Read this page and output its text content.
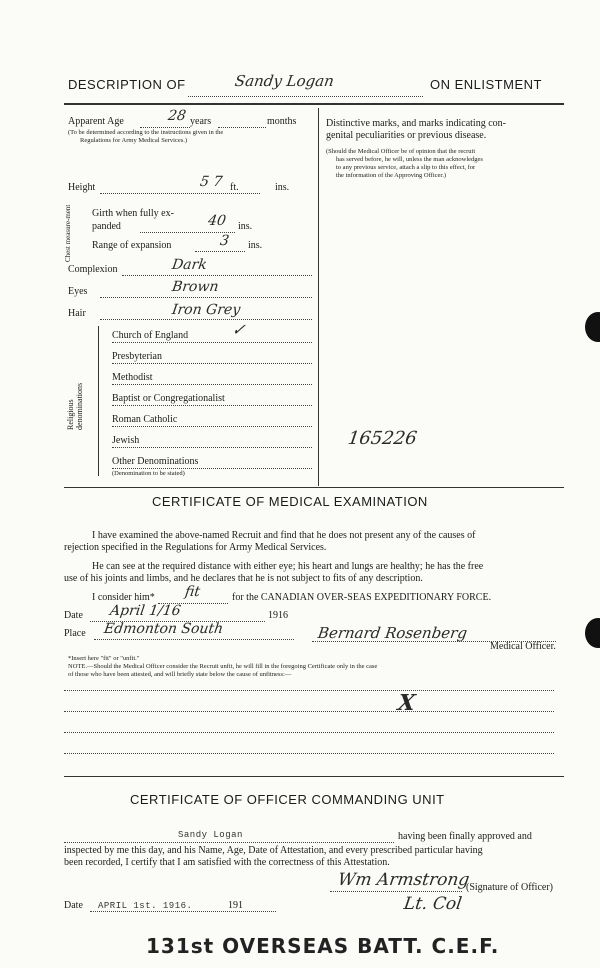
DESCRIPTION OF	Sandy Logan	ON ENLISTMENT
Apparent Age	28 years	months
(To be determined according to the instructions given in the
Regulations for Army Medical Services.)
Height	5 7 ft.	ins.
Chest measure-ment Girth when fully ex-
panded	40 ins.
Range of expansion	3 ins.
Complexion	Dark
Eyes	Brown
Hair	Iron Grey
Religious denominations
Church of England
Presbyterian
Methodist
Baptist or Congregationalist
Roman Catholic
Jewish
Other Denominations
(Denomination to be stated)
✓
Distinctive marks, and marks indicating con-
genital peculiarities or previous disease.
(Should the Medical Officer be of opinion that the recruit
has served before, he will, unless the man acknowledges
to any previous service, attach a slip to this effect, for
the information of the Approving Officer.)
165226
CERTIFICATE OF MEDICAL EXAMINATION
I have examined the above-named Recruit and find that he does not present any of the causes of
rejection specified in the Regulations for Army Medical Services.
He can see at the required distance with either eye; his heart and lungs are healthy; he has the free
use of his joints and limbs, and he declares that he is not subject to fits of any description.
I consider him* fit	for the CANADIAN OVER-SEAS EXPEDITIONARY FORCE.
Date April 1/16	1916
Place Edmonton South	Bernard Rosenberg
Medical Officer.
*Insert here "fit" or "unfit."
NOTE.—Should the Medical Officer consider the Recruit unfit, he will fill in the foregoing Certificate only in the case
of those who have been attested, and will briefly state below the cause of unfitness:—
X
CERTIFICATE OF OFFICER COMMANDING UNIT
Sandy Logan	having been finally approved and
inspected by me this day, and his Name, Age, Date of Attestation, and every prescribed particular having
been recorded, I certify that I am satisfied with the correctness of this Attestation.
Wm Armstrong
(Signature of Officer)
Lt. Col
Date APRIL 1st. 1916.	191
131st OVERSEAS BATT. C.E.F.
